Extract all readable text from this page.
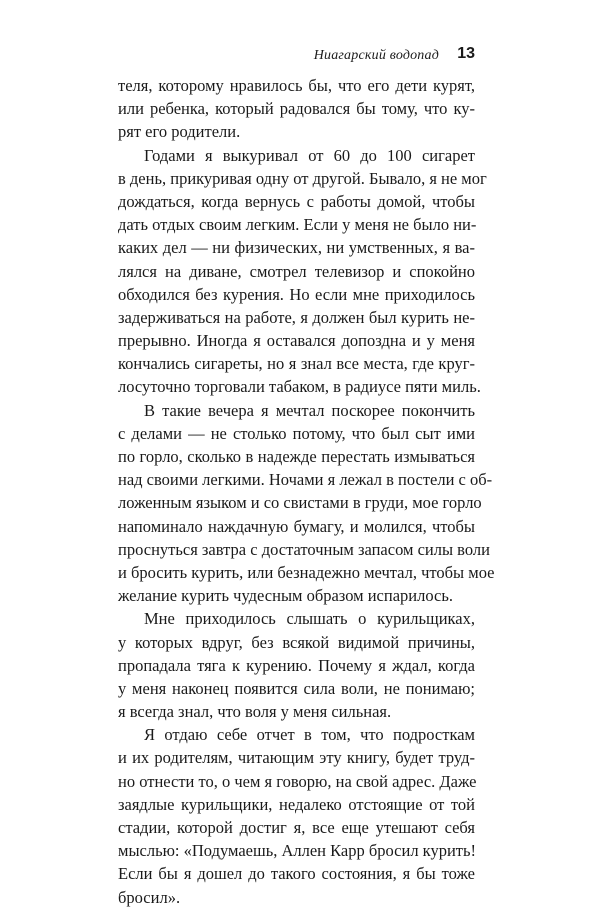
Ниагарский водопад 13
теля, которому нравилось бы, что его дети курят,
или ребенка, который радовался бы тому, что ку-
рят его родители.
Годами я выкуривал от 60 до 100 сигарет
в день, прикуривая одну от другой. Бывало, я не мог
дождаться, когда вернусь с работы домой, чтобы
дать отдых своим легким. Если у меня не было ни-
каких дел — ни физических, ни умственных, я ва-
лялся на диване, смотрел телевизор и спокойно
обходился без курения. Но если мне приходилось
задерживаться на работе, я должен был курить не-
прерывно. Иногда я оставался допоздна и у меня
кончались сигареты, но я знал все места, где круг-
лосуточно торговали табаком, в радиусе пяти миль.
В такие вечера я мечтал поскорее покончить
с делами — не столько потому, что был сыт ими
по горло, сколько в надежде перестать измываться
над своими легкими. Ночами я лежал в постели с об-
ложенным языком и со свистами в груди, мое горло
напоминало наждачную бумагу, и молился, чтобы
проснуться завтра с достаточным запасом силы воли
и бросить курить, или безнадежно мечтал, чтобы мое
желание курить чудесным образом испарилось.
Мне приходилось слышать о курильщиках,
у которых вдруг, без всякой видимой причины,
пропадала тяга к курению. Почему я ждал, когда
у меня наконец появится сила воли, не понимаю;
я всегда знал, что воля у меня сильная.
Я отдаю себе отчет в том, что подросткам
и их родителям, читающим эту книгу, будет труд-
но отнести то, о чем я говорю, на свой адрес. Даже
заядлые курильщики, недалеко отстоящие от той
стадии, которой достиг я, все еще утешают себя
мыслью: «Подумаешь, Аллен Карр бросил курить!
Если бы я дошел до такого состояния, я бы тоже
бросил».
